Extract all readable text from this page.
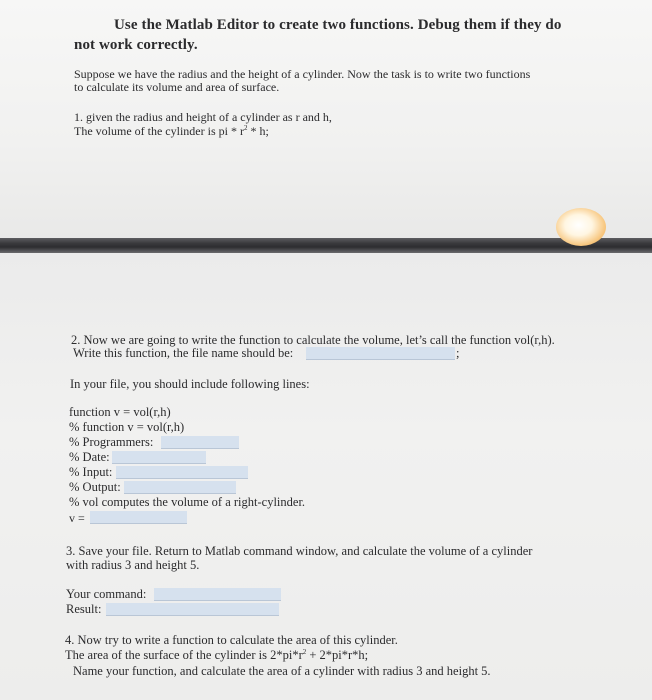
Use the Matlab Editor to create two functions. Debug them if they do
not work correctly.
Suppose we have the radius and the height of a cylinder. Now the task is to write two functions
to calculate its volume and area of surface.
1. given the radius and height of a cylinder as r and h,
The volume of the cylinder is pi * $r^2$ * h;
2. Now we are going to write the function to calculate the volume, let’s call the function vol(r,h).
Write this function, the file name should be:	;
In your file, you should include following lines:
function v = vol(r,h)
% function v = vol(r,h)
% Programmers:
% Date:
% Input:
% Output:
% vol computes the volume of a right-cylinder.
v =
3. Save your file. Return to Matlab command window, and calculate the volume of a cylinder
with radius 3 and height 5.
Your command:
Result:
4. Now try to write a function to calculate the area of this cylinder.
The area of the surface of the cylinder is $2*pi*r^2 + 2*pi*r*h$;
Name your function, and calculate the area of a cylinder with radius 3 and height 5.
